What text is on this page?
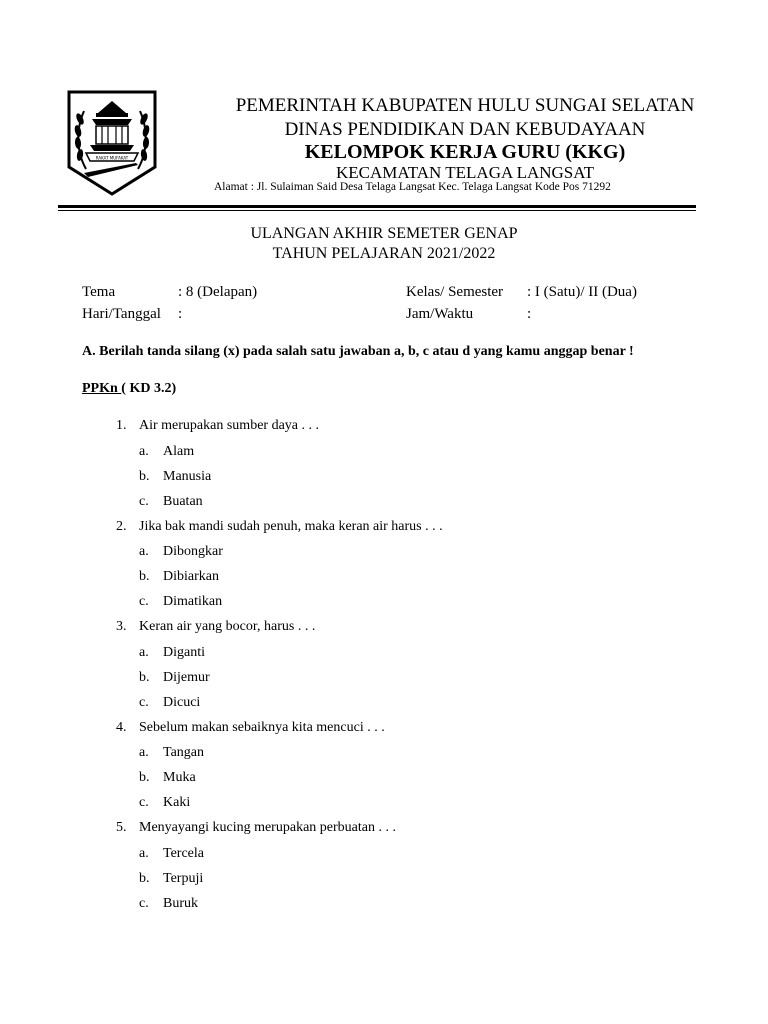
RAKAT MUFAKAT
PEMERINTAH KABUPATEN HULU SUNGAI SELATAN
DINAS PENDIDIKAN DAN KEBUDAYAAN
KELOMPOK KERJA GURU (KKG)
KECAMATAN TELAGA LANGSAT
Alamat : Jl. Sulaiman Said Desa Telaga Langsat Kec. Telaga Langsat Kode Pos 71292
ULANGAN AKHIR SEMETER GENAP
TAHUN PELAJARAN 2021/2022
Tema	: 8 (Delapan)
Hari/Tanggal :
Kelas/ Semester : I (Satu)/ II (Dua)
Jam/Waktu	:
A. Berilah tanda silang (x) pada salah satu jawaban a, b, c atau d yang kamu anggap benar !
PPKn ( KD 3.2)
1. Air merupakan sumber daya . . .
a. Alam
b. Manusia
c. Buatan
2. Jika bak mandi sudah penuh, maka keran air harus . . .
a. Dibongkar
b. Dibiarkan
c. Dimatikan
3. Keran air yang bocor, harus . . .
a. Diganti
b. Dijemur
c. Dicuci
4. Sebelum makan sebaiknya kita mencuci . . .
a. Tangan
b. Muka
c. Kaki
5. Menyayangi kucing merupakan perbuatan . . .
a. Tercela
b. Terpuji
c. Buruk
